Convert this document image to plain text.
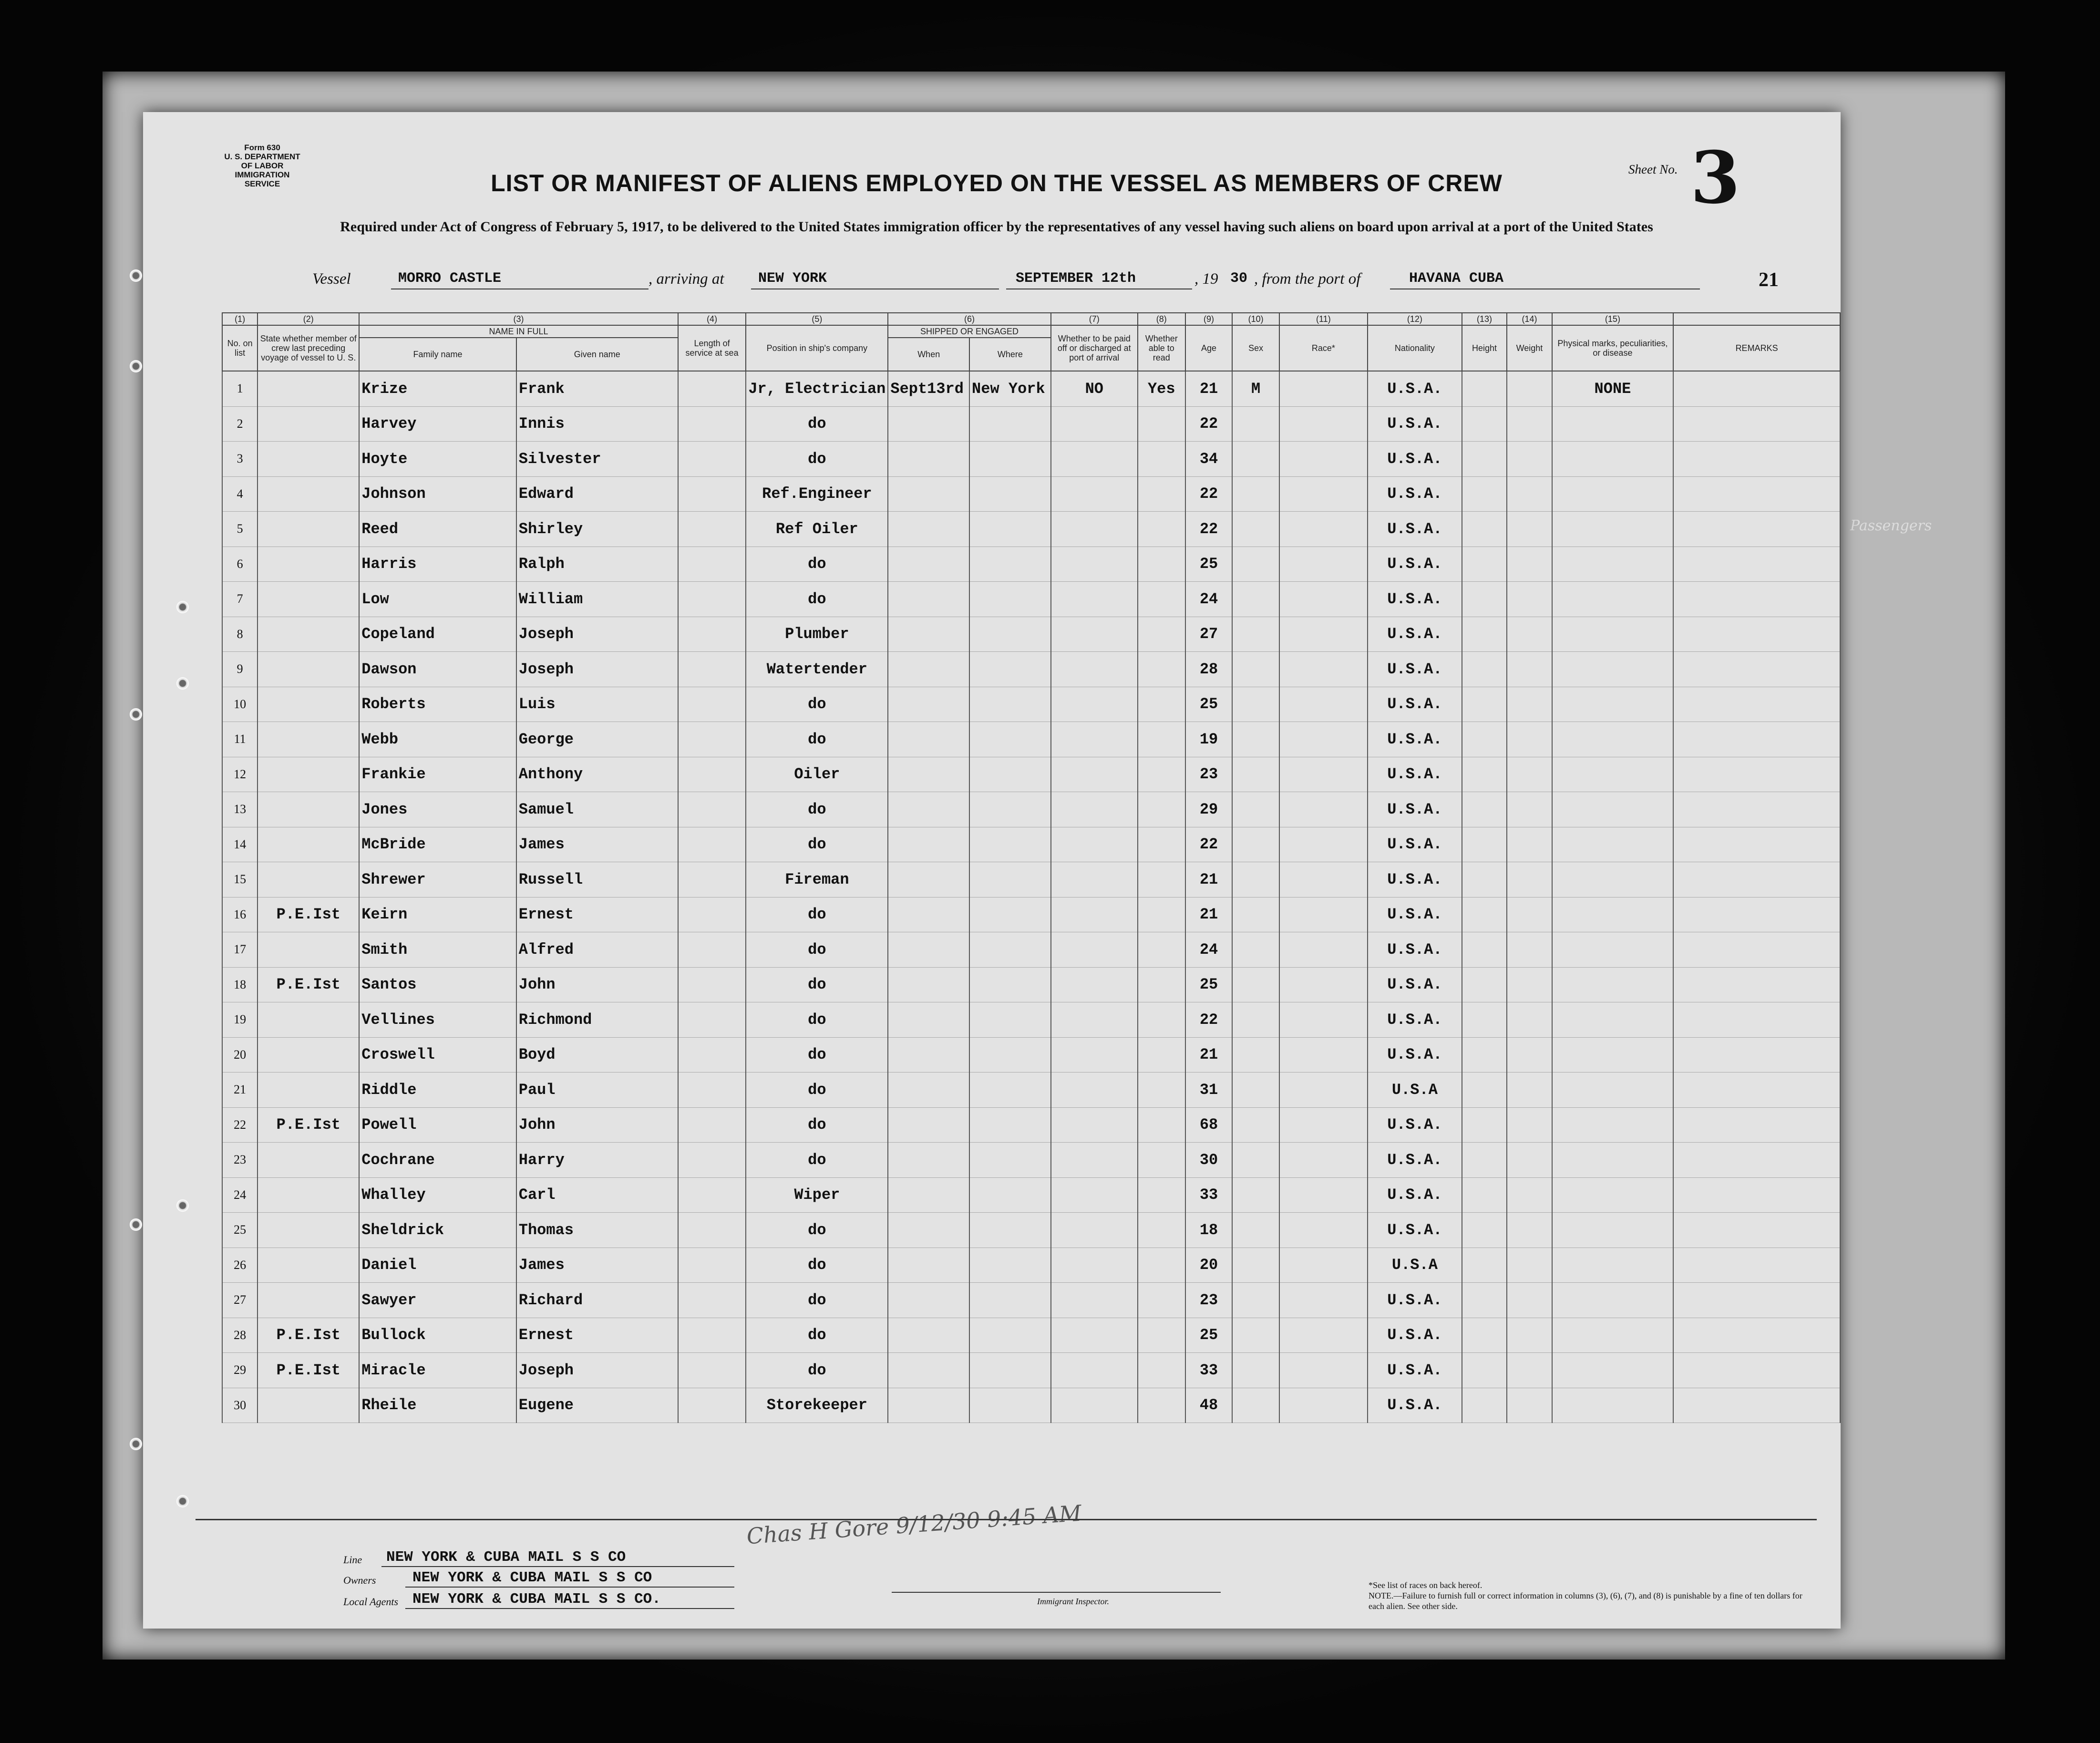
Passengers
Form 630
U. S. DEPARTMENT OF LABOR
IMMIGRATION SERVICE	LIST OR MANIFEST OF ALIENS EMPLOYED ON THE VESSEL AS MEMBERS OF CREW
Sheet No. 3
Required under Act of Congress of February 5, 1917, to be delivered to the United States immigration officer by the representatives of any vessel having such aliens on board upon arrival at a port of the United States
Vessel	MORRO CASTLE	, arriving at NEW YORK	SEPTEMBER 12th	, 19 30 , from the port of	HAVANA CUBA	21
(1)	(2)	(3)		(4)	(5)	(6)		(7)	(8)	(9)	(10)	(11)	(12)	(13)	(14)	(15)	
No. on list	State whether member of crew last preceding voyage of vessel to U. S.	NAME IN FULL		Length of service at sea	Position in ship's company	SHIPPED OR ENGAGED		Whether to be paid off or discharged at port of arrival	Whether able to read	Age	Sex	Race*	Nationality	Height	Weight	Physical marks, peculiarities, or disease	REMARKS
		Family name	Given name			When	Where										
1		Krize	Frank		Jr, Electrician	Sept13rd	New York	NO	Yes	21	M		U.S.A.			NONE	
2		Harvey	Innis		do					22			U.S.A.				
3		Hoyte	Silvester		do					34			U.S.A.				
4		Johnson	Edward		Ref.Engineer					22			U.S.A.				
5		Reed	Shirley		Ref Oiler					22			U.S.A.				
6		Harris	Ralph		do					25			U.S.A.				
7		Low	William		do					24			U.S.A.				
8		Copeland	Joseph		Plumber					27			U.S.A.				
9		Dawson	Joseph		Watertender					28			U.S.A.				
10		Roberts	Luis		do					25			U.S.A.				
11		Webb	George		do					19			U.S.A.				
12		Frankie	Anthony		Oiler					23			U.S.A.				
13		Jones	Samuel		do					29			U.S.A.				
14		McBride	James		do					22			U.S.A.				
15		Shrewer	Russell		Fireman					21			U.S.A.				
16	P.E.Ist	Keirn	Ernest		do					21			U.S.A.				
17		Smith	Alfred		do					24			U.S.A.				
18	P.E.Ist	Santos	John		do					25			U.S.A.				
19		Vellines	Richmond		do					22			U.S.A.				
20		Croswell	Boyd		do					21			U.S.A.				
21		Riddle	Paul		do					31			U.S.A				
22	P.E.Ist	Powell	John		do					68			U.S.A.				
23		Cochrane	Harry		do					30			U.S.A.				
24		Whalley	Carl		Wiper					33			U.S.A.				
25		Sheldrick	Thomas		do					18			U.S.A.				
26		Daniel	James		do					20			U.S.A				
27		Sawyer	Richard		do					23			U.S.A.				
28	P.E.Ist	Bullock	Ernest		do					25			U.S.A.				
29	P.E.Ist	Miracle	Joseph		do					33			U.S.A.				
30		Rheile	Eugene		Storekeeper					48			U.S.A.				
Chas H Gore 9/12/30 9:45 AM
Line NEW YORK & CUBA MAIL S S CO
Owners NEW YORK & CUBA MAIL S S CO
Local Agents NEW YORK & CUBA MAIL S S CO.	Immigrant Inspector.
*See list of races on back hereof.
NOTE.—Failure to furnish full or correct information in columns (3), (6), (7), and (8) is punishable by a fine of ten dollars for each alien. See other side.
